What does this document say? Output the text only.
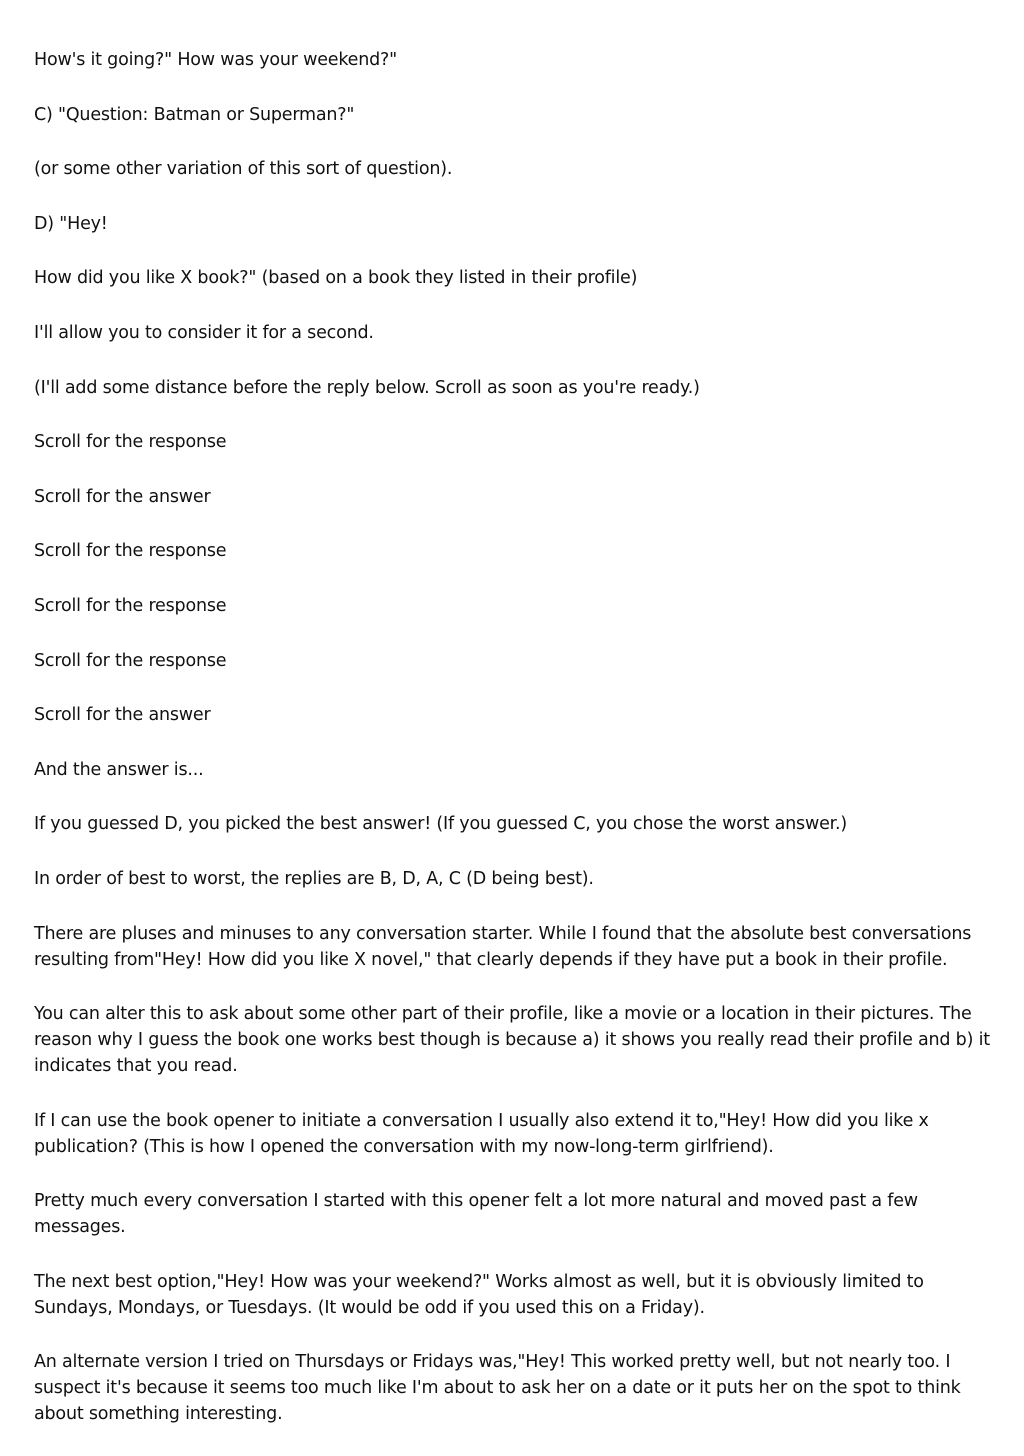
How's it going?" How was your weekend?"

C) "Question: Batman or Superman?"

(or some other variation of this sort of question).

D) "Hey!

How did you like X book?" (based on a book they listed in their profile)

I'll allow you to consider it for a second.

(I'll add some distance before the reply below. Scroll as soon as you're ready.)

Scroll for the response

Scroll for the answer

Scroll for the response

Scroll for the response

Scroll for the response

Scroll for the answer

And the answer is...

If you guessed D, you picked the best answer! (If you guessed C, you chose the worst answer.)

In order of best to worst, the replies are B, D, A, C (D being best).

There are pluses and minuses to any conversation starter. While I found that the absolute best conversations resulting from"Hey! How did you like X novel," that clearly depends if they have put a book in their profile.

You can alter this to ask about some other part of their profile, like a movie or a location in their pictures. The reason why I guess the book one works best though is because a) it shows you really read their profile and b) it indicates that you read.

If I can use the book opener to initiate a conversation I usually also extend it to,"Hey! How did you like x publication? (This is how I opened the conversation with my now-long-term girlfriend).

Pretty much every conversation I started with this opener felt a lot more natural and moved past a few messages.

The next best option,"Hey! How was your weekend?" Works almost as well, but it is obviously limited to Sundays, Mondays, or Tuesdays. (It would be odd if you used this on a Friday).

An alternate version I tried on Thursdays or Fridays was,"Hey! This worked pretty well, but not nearly too. I suspect it's because it seems too much like I'm about to ask her on a date or it puts her on the spot to think about something interesting.
